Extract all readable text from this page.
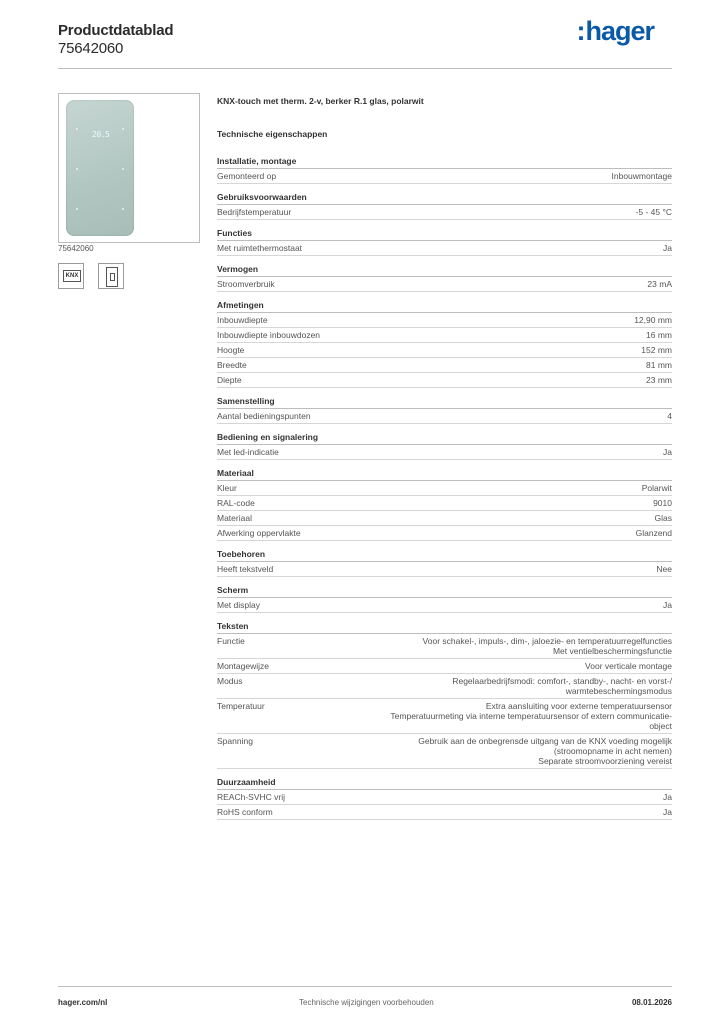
Productdatablad
75642060
:hager
20.5
75642060
KNX
KNX-touch met therm. 2-v, berker R.1 glas, polarwit
Technische eigenschappen
Installatie, montage
Gemonteerd op	Inbouwmontage
Gebruiksvoorwaarden
Bedrijfstemperatuur	-5 - 45 °C
Functies
Met ruimtethermostaat	Ja
Vermogen
Stroomverbruik	23 mA
Afmetingen
Inbouwdiepte	12,90 mm
Inbouwdiepte inbouwdozen	16 mm
Hoogte	152 mm
Breedte	81 mm
Diepte	23 mm
Samenstelling
Aantal bedieningspunten	4
Bediening en signalering
Met led-indicatie	Ja
Materiaal
Kleur	Polarwit
RAL-code	9010
Materiaal	Glas
Afwerking oppervlakte	Glanzend
Toebehoren
Heeft tekstveld	Nee
Scherm
Met display	Ja
Teksten
Functie	Voor schakel-, impuls-, dim-, jaloezie- en temperatuurregelfuncties
Met ventielbeschermingsfunctie
Montagewijze	Voor verticale montage
Modus	Regelaarbedrijfsmodi: comfort-, standby-, nacht- en vorst-/
warmtebeschermingsmodus
Temperatuur	Extra aansluiting voor externe temperatuursensor
Temperatuurmeting via interne temperatuursensor of extern communicatie-
object
Spanning	Gebruik aan de onbegrensde uitgang van de KNX voeding mogelijk
(stroomopname in acht nemen)
Separate stroomvoorziening vereist
Duurzaamheid
REACh-SVHC vrij	Ja
RoHS conform	Ja
hager.com/nl	Technische wijzigingen voorbehouden	08.01.2026
